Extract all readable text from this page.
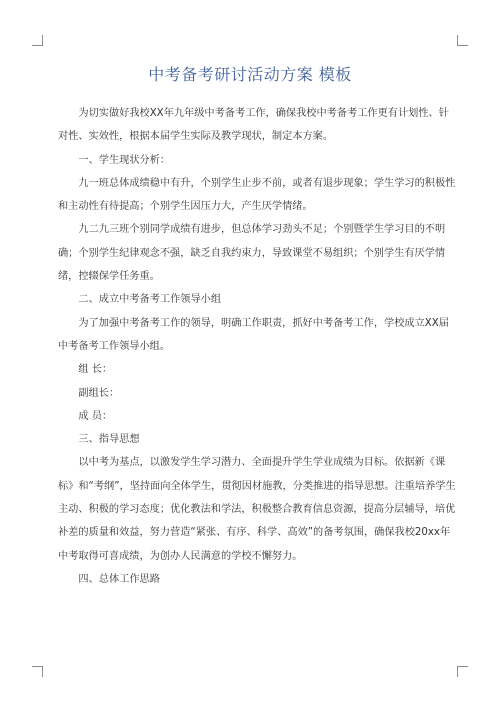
中考备考研讨活动方案 模板

为切实做好我校XX年九年级中考备考工作，确保我校中考备考工作更有计划性、针对性、实效性，根据本届学生实际及教学现状，制定本方案。

一、学生现状分析：

九一班总体成绩稳中有升，个别学生止步不前，或者有退步现象；学生学习的积极性和主动性有待提高；个别学生因压力大，产生厌学情绪。

九二九三班个别同学成绩有进步，但总体学习劲头不足；个别暨学生学习目的不明确；个别学生纪律观念不强，缺乏自我约束力，导致课堂不易组织；个别学生有厌学情绪，控辍保学任务重。

二、成立中考备考工作领导小组

为了加强中考备考工作的领导，明确工作职责，抓好中考备考工作，学校成立XX届中考备考工作领导小组。

组 长：

副组长：

成 员：

三、指导思想

以中考为基点，以激发学生学习潜力、全面提升学生学业成绩为目标。依据新《课标》和“考纲”，坚持面向全体学生，贯彻因材施教，分类推进的指导思想。注重培养学生主动、积极的学习态度；优化教法和学法，积极整合教育信息资源，提高分层辅导，培优补差的质量和效益，努力营造“紧张、有序、科学、高效”的备考氛围，确保我校20xx年中考取得可喜成绩，为创办人民满意的学校不懈努力。

四、总体工作思路
